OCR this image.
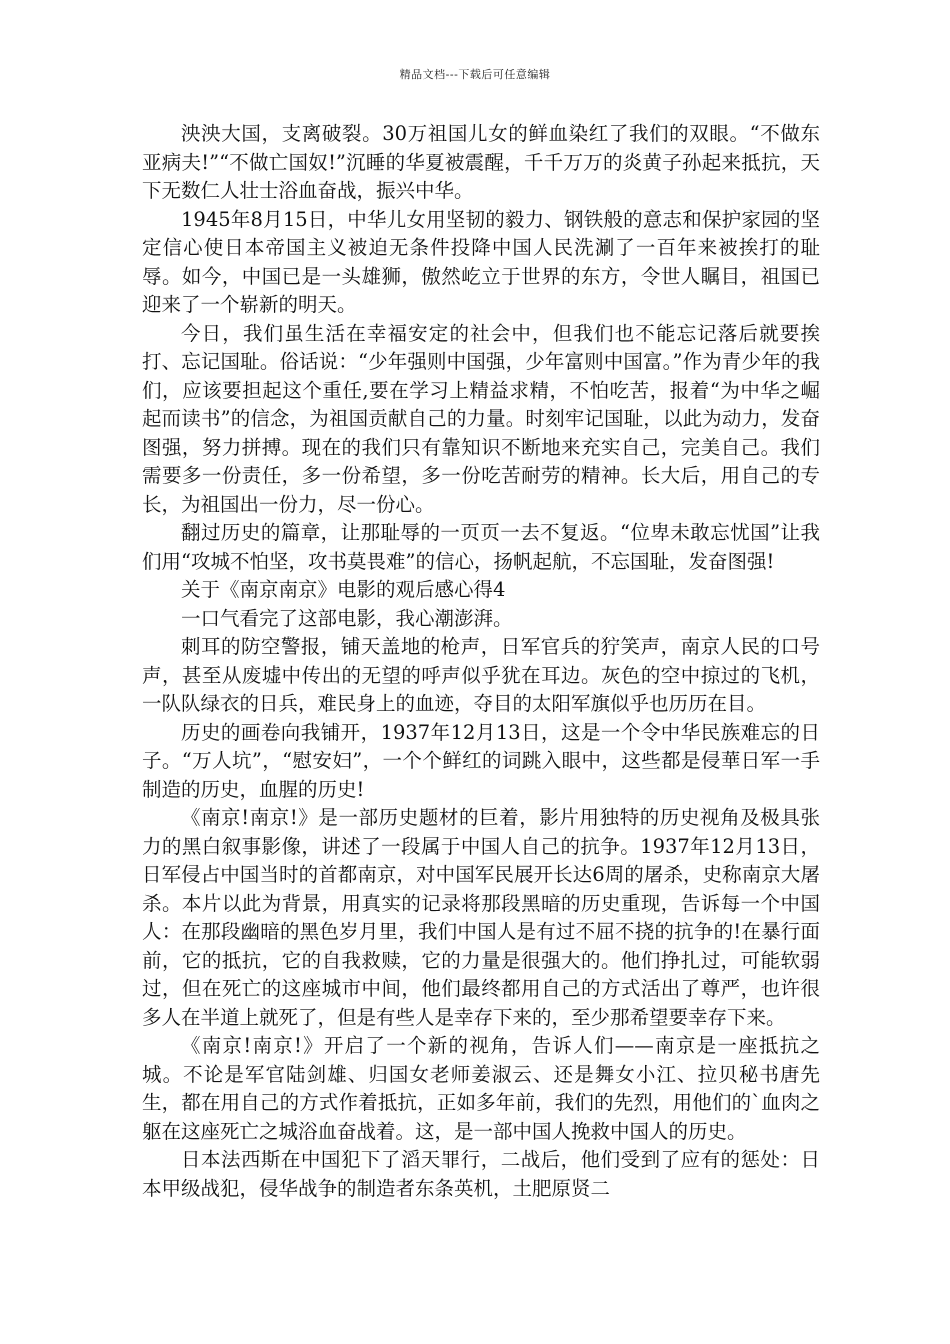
精品文档---下载后可任意编辑

泱泱大国，支离破裂。30万祖国儿女的鲜血染红了我们的双眼。“不做东亚病夫!”“不做亡国奴!”沉睡的华夏被震醒，千千万万的炎黄子孙起来抵抗，天下无数仁人壮士浴血奋战，振兴中华。

1945年8月15日，中华儿女用坚韧的毅力、钢铁般的意志和保护家园的坚定信心使日本帝国主义被迫无条件投降中国人民洗涮了一百年来被挨打的耻辱。如今，中国已是一头雄狮，傲然屹立于世界的东方，令世人瞩目，祖国已迎来了一个崭新的明天。

今日，我们虽生活在幸福安定的社会中，但我们也不能忘记落后就要挨打、忘记国耻。俗话说：“少年强则中国强，少年富则中国富。”作为青少年的我们，应该要担起这个重任,要在学习上精益求精，不怕吃苦，报着“为中华之崛起而读书”的信念，为祖国贡献自己的力量。时刻牢记国耻，以此为动力，发奋图强，努力拼搏。现在的我们只有靠知识不断地来充实自己，完美自己。我们需要多一份责任，多一份希望，多一份吃苦耐劳的精神。长大后，用自己的专长，为祖国出一份力，尽一份心。

翻过历史的篇章，让那耻辱的一页页一去不复返。“位卑未敢忘忧国”让我们用“攻城不怕坚，攻书莫畏难”的信心，扬帆起航，不忘国耻，发奋图强!

关于《南京南京》电影的观后感心得4

一口气看完了这部电影，我心潮澎湃。

刺耳的防空警报，铺天盖地的枪声，日军官兵的狞笑声，南京人民的口号声，甚至从废墟中传出的无望的呼声似乎犹在耳边。灰色的空中掠过的飞机，一队队绿衣的日兵，难民身上的血迹，夺目的太阳军旗似乎也历历在目。

历史的画卷向我铺开，1937年12月13日，这是一个令中华民族难忘的日子。“万人坑”，“慰安妇”，一个个鲜红的词跳入眼中，这些都是侵華日军一手制造的历史，血腥的历史!

《南京!南京!》是一部历史题材的巨着，影片用独特的历史视角及极具张力的黑白叙事影像，讲述了一段属于中国人自己的抗争。1937年12月13日，日军侵占中国当时的首都南京，对中国军民展开长达6周的屠杀，史称南京大屠杀。本片以此为背景，用真实的记录将那段黑暗的历史重现，告诉每一个中国人：在那段幽暗的黑色岁月里，我们中国人是有过不屈不挠的抗争的!在暴行面前，它的抵抗，它的自我救赎，它的力量是很强大的。他们挣扎过，可能软弱过，但在死亡的这座城市中间，他们最终都用自己的方式活出了尊严，也许很多人在半道上就死了，但是有些人是幸存下来的，至少那希望要幸存下来。

《南京!南京!》开启了一个新的视角，告诉人们——南京是一座抵抗之城。不论是军官陆剑雄、归国女老师姜淑云、还是舞女小江、拉贝秘书唐先生，都在用自己的方式作着抵抗，正如多年前，我们的先烈，用他们的`血肉之躯在这座死亡之城浴血奋战着。这，是一部中国人挽救中国人的历史。

日本法西斯在中国犯下了滔天罪行，二战后，他们受到了应有的惩处：日本甲级战犯，侵华战争的制造者东条英机，土肥原贤二
